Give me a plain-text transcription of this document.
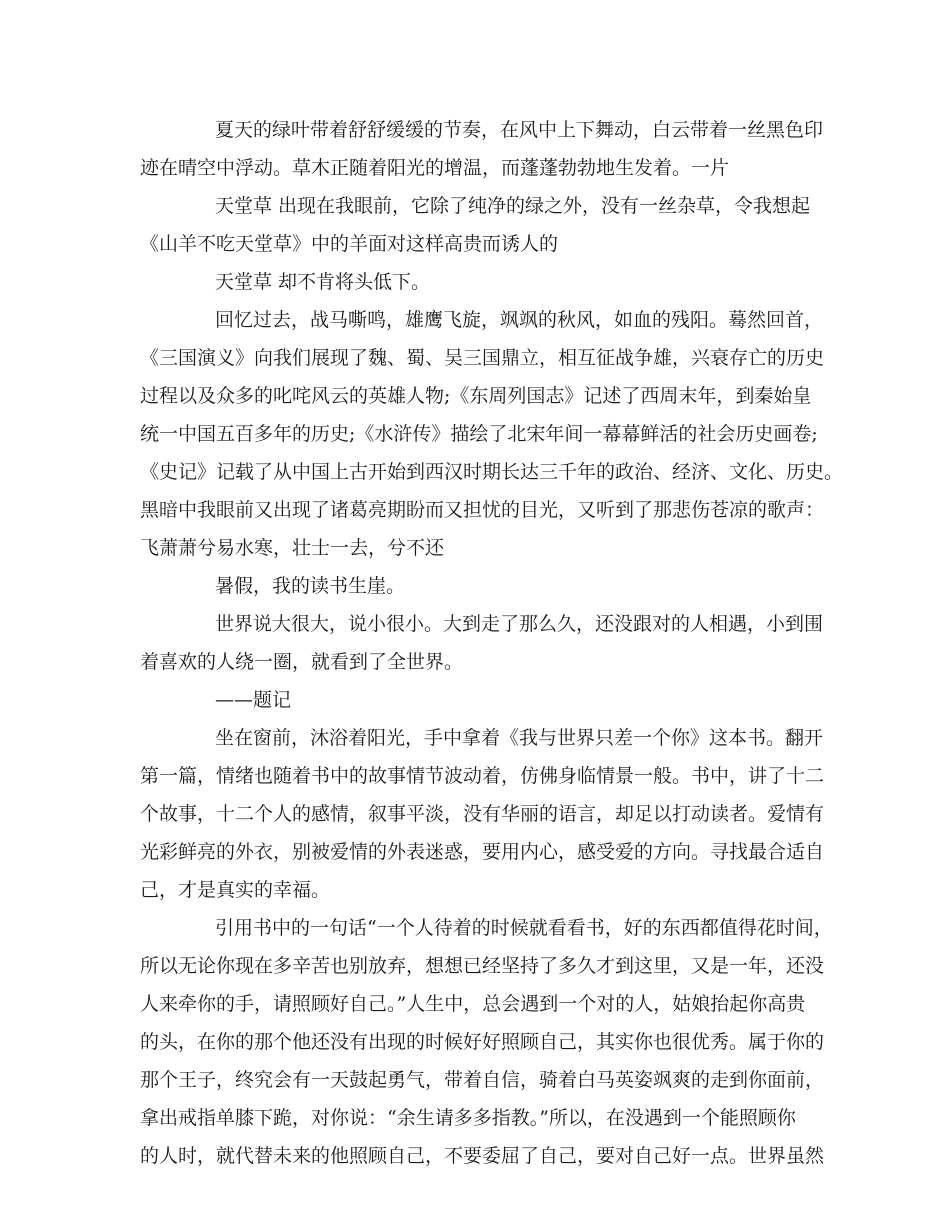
夏天的绿叶带着舒舒缓缓的节奏，在风中上下舞动，白云带着一丝黑色印
迹在晴空中浮动。草木正随着阳光的增温，而蓬蓬勃勃地生发着。一片
天堂草 出现在我眼前，它除了纯净的绿之外，没有一丝杂草，令我想起
《山羊不吃天堂草》中的羊面对这样高贵而诱人的
天堂草 却不肯将头低下。
回忆过去，战马嘶鸣，雄鹰飞旋，飒飒的秋风，如血的残阳。蓦然回首，
《三国演义》向我们展现了魏、蜀、吴三国鼎立，相互征战争雄，兴衰存亡的历史
过程以及众多的叱咤风云的英雄人物;《东周列国志》记述了西周末年，到秦始皇
统一中国五百多年的历史;《水浒传》描绘了北宋年间一幕幕鲜活的社会历史画卷;
《史记》记载了从中国上古开始到西汉时期长达三千年的政治、经济、文化、历史。
黑暗中我眼前又出现了诸葛亮期盼而又担忧的目光，又听到了那悲伤苍凉的歌声：
飞萧萧兮易水寒，壮士一去，兮不还
暑假，我的读书生崖。
世界说大很大，说小很小。大到走了那么久，还没跟对的人相遇，小到围
着喜欢的人绕一圈，就看到了全世界。
——题记
坐在窗前，沐浴着阳光，手中拿着《我与世界只差一个你》这本书。翻开
第一篇，情绪也随着书中的故事情节波动着，仿佛身临情景一般。书中，讲了十二
个故事，十二个人的感情，叙事平淡，没有华丽的语言，却足以打动读者。爱情有
光彩鲜亮的外衣，别被爱情的外表迷惑，要用内心，感受爱的方向。寻找最合适自
己，才是真实的幸福。
引用书中的一句话“一个人待着的时候就看看书，好的东西都值得花时间，
所以无论你现在多辛苦也别放弃，想想已经坚持了多久才到这里，又是一年，还没
人来牵你的手，请照顾好自己。”人生中，总会遇到一个对的人，姑娘抬起你高贵
的头，在你的那个他还没有出现的时候好好照顾自己，其实你也很优秀。属于你的
那个王子，终究会有一天鼓起勇气，带着自信，骑着白马英姿飒爽的走到你面前，
拿出戒指单膝下跪，对你说：“余生请多多指教。”所以，在没遇到一个能照顾你
的人时，就代替未来的他照顾自己，不要委屈了自己，要对自己好一点。世界虽然
